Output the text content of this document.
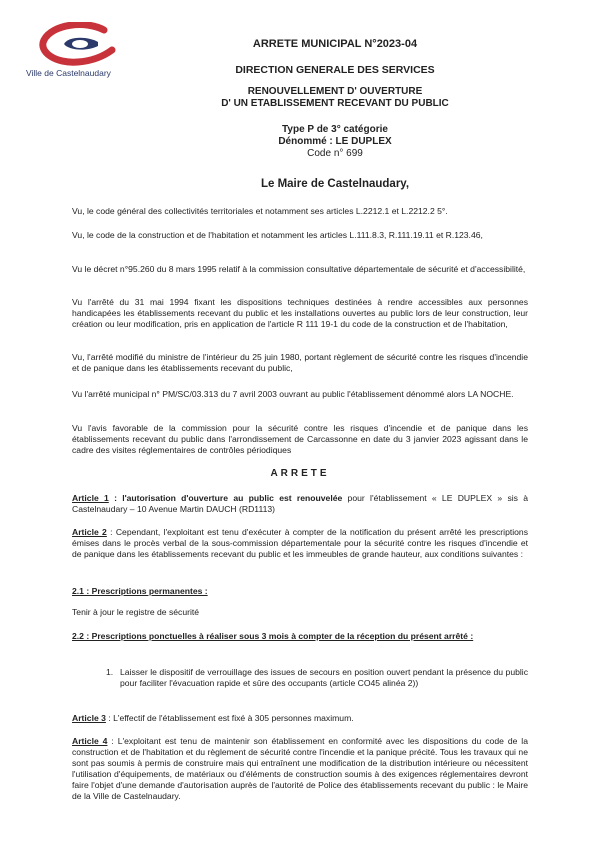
Ville de Castelnaudary
ARRETE MUNICIPAL N°2023-04
DIRECTION GENERALE DES SERVICES
RENOUVELLEMENT D' OUVERTURE
D' UN ETABLISSEMENT RECEVANT DU PUBLIC
Type P de 3° catégorie
Dénommé : LE DUPLEX
Code n° 699
Le Maire de Castelnaudary,
Vu, le code général des collectivités territoriales et notamment ses articles L.2212.1 et L.2212.2 5°.
Vu, le code de la construction et de l'habitation et notamment les articles L.111.8.3, R.111.19.11 et R.123.46,
Vu le décret n°95.260 du 8 mars 1995 relatif à la commission consultative départementale de sécurité et d'accessibilité,
Vu l'arrêté du 31 mai 1994 fixant les dispositions techniques destinées à rendre accessibles aux personnes handicapées les établissements recevant du public et les installations ouvertes au public lors de leur construction, leur création ou leur modification, pris en application de l'article R 111 19-1 du code de la construction et de l'habitation,
Vu, l'arrêté modifié du ministre de l'intérieur du 25 juin 1980, portant règlement de sécurité contre les risques d'incendie et de panique dans les établissements recevant du public,
Vu l'arrêté municipal n° PM/SC/03.313 du 7 avril 2003 ouvrant au public l'établissement dénommé alors LA NOCHE.
Vu l'avis favorable de la commission pour la sécurité contre les risques d'incendie et de panique dans les établissements recevant du public dans l'arrondissement de Carcassonne en date du 3 janvier 2023 agissant dans le cadre des visites réglementaires de contrôles périodiques
ARRETE
Article 1 : l'autorisation d'ouverture au public est renouvelée pour l'établissement « LE DUPLEX » sis à Castelnaudary – 10 Avenue Martin DAUCH (RD1113)
Article 2 : Cependant, l'exploitant est tenu d'exécuter à compter de la notification du présent arrêté les prescriptions émises dans le procès verbal de la sous-commission départementale pour la sécurité contre les risques d'incendie et de panique dans les établissements recevant du public et les immeubles de grande hauteur, aux conditions suivantes :
2.1 : Prescriptions permanentes :
Tenir à jour le registre de sécurité
2.2 : Prescriptions ponctuelles à réaliser sous 3 mois à compter de la réception du présent arrêté :
1. Laisser le dispositif de verrouillage des issues de secours en position ouvert pendant la présence du public pour faciliter l'évacuation rapide et sûre des occupants (article CO45 alinéa 2))
Article 3 : L'effectif de l'établissement est fixé à 305 personnes maximum.
Article 4 : L'exploitant est tenu de maintenir son établissement en conformité avec les dispositions du code de la construction et de l'habitation et du règlement de sécurité contre l'incendie et la panique précité. Tous les travaux qui ne sont pas soumis à permis de construire mais qui entraînent une modification de la distribution intérieure ou nécessitent l'utilisation d'équipements, de matériaux ou d'éléments de construction soumis à des exigences réglementaires devront faire l'objet d'une demande d'autorisation auprès de l'autorité de Police des établissements recevant du public : le Maire de la Ville de Castelnaudary.
